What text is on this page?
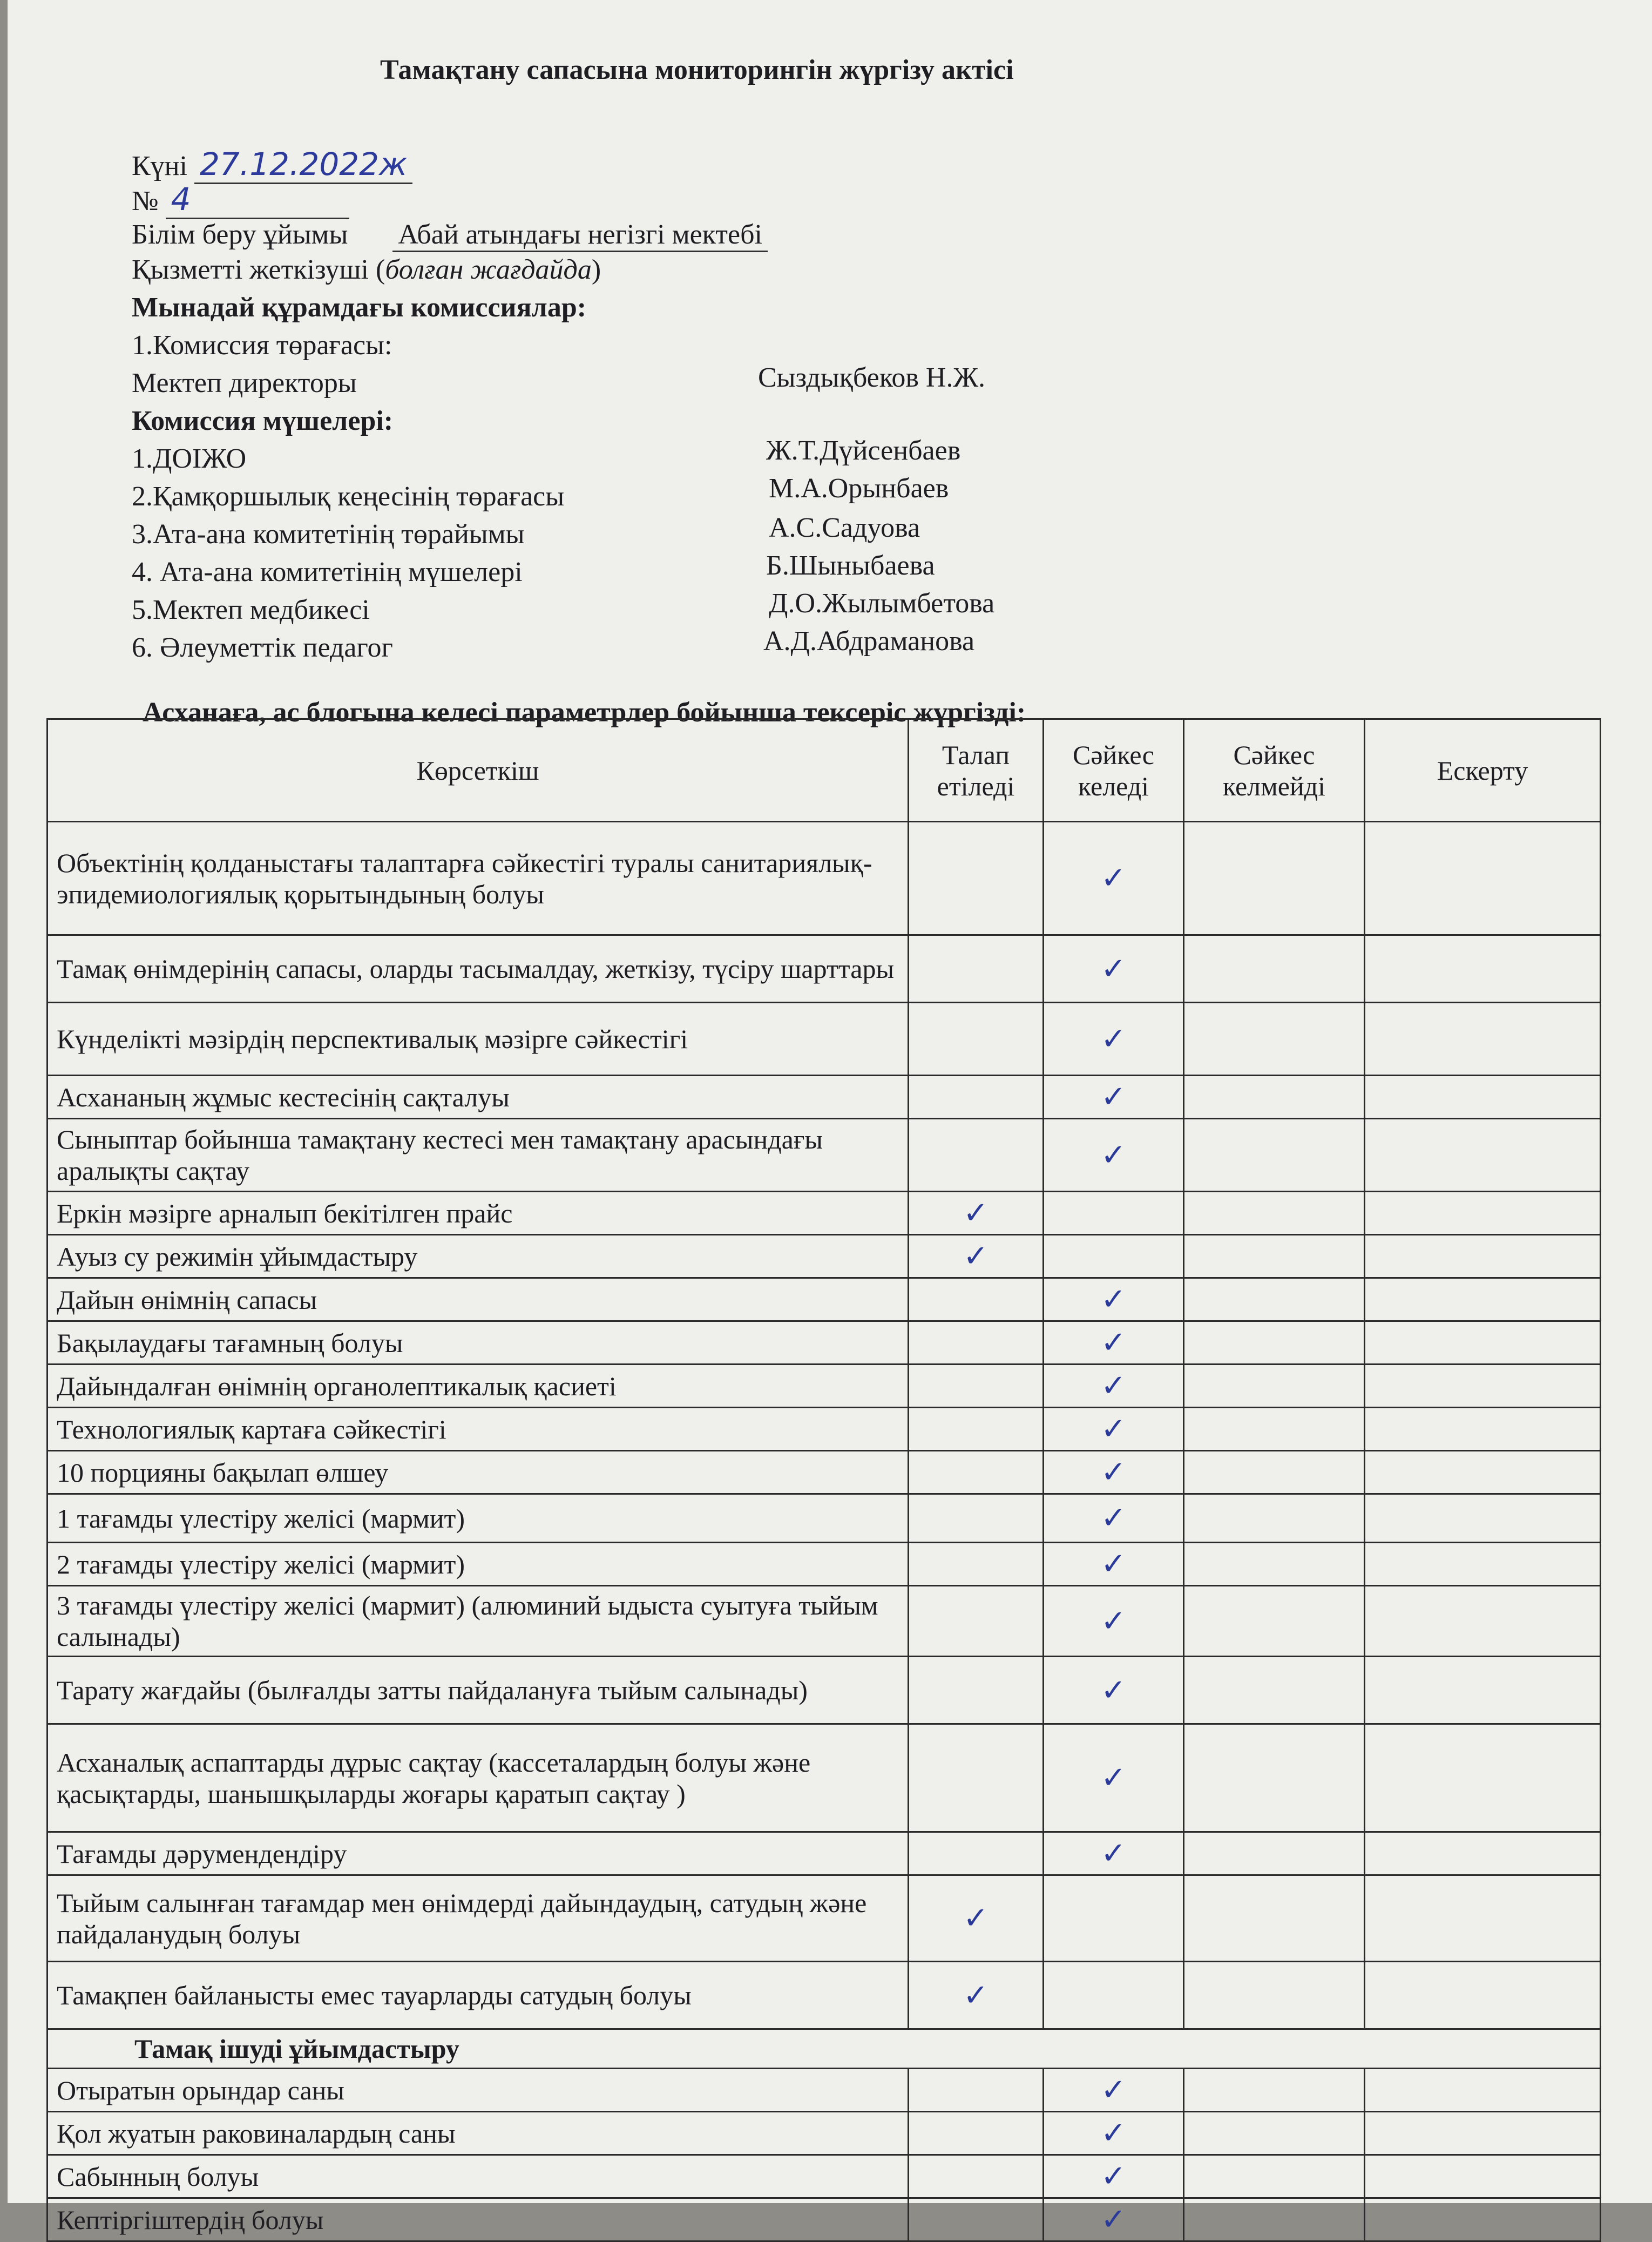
Тамақтану сапасына мониторингін жүргізу актісі
Күні 27.12.2022ж
№ 4
Білім беру ұйымы Абай атындағы негізгі мектебі
Қызметті жеткізуші (болған жағдайда)
Мынадай құрамдағы комиссиялар:
1.Комиссия төрағасы:
Мектеп директоры	Сыздықбеков Н.Ж.
Комиссия мүшелері:
1.ДОІЖО	Ж.Т.Дүйсенбаев
2.Қамқоршылық кеңесінің төрағасы	М.А.Орынбаев
3.Ата-ана комитетінің төрайымы	А.С.Садуова
4. Ата-ана комитетінің мүшелері	Б.Шыныбаева
5.Мектеп медбикесі	Д.О.Жылымбетова
6. Әлеуметтік педагог	А.Д.Абдраманова
Асханаға, ас блогына келесі параметрлер бойынша тексеріс жүргізді:
Көрсеткіш	Талап етіледі	Сәйкес келеді	Сәйкес келмейді	Ескерту
Объектінің қолданыстағы талаптарға сәйкестігі туралы санитариялық-эпидемиологиялық қорытындының болуы		✓		
Тамақ өнімдерінің сапасы, оларды тасымалдау, жеткізу, түсіру шарттары		✓		
Күнделікті мәзірдің перспективалық мәзірге сәйкестігі		✓		
Асхананың жұмыс кестесінің сақталуы		✓		
Сыныптар бойынша тамақтану кестесі мен тамақтану арасындағы аралықты сақтау		✓		
Еркін мәзірге арналып бекітілген прайс	✓			
Ауыз су режимін ұйымдастыру	✓			
Дайын өнімнің сапасы		✓		
Бақылаудағы тағамның болуы		✓		
Дайындалған өнімнің органолептикалық қасиеті		✓		
Технологиялық картаға сәйкестігі		✓		
10 порцияны бақылап өлшеу		✓		
1 тағамды үлестіру желісі (мармит)		✓		
2 тағамды үлестіру желісі (мармит)		✓		
3 тағамды үлестіру желісі (мармит) (алюминий ыдыста суытуға тыйым салынады)		✓		
Тарату жағдайы (былғалды затты пайдалануға тыйым салынады)		✓		
Асханалық аспаптарды дұрыс сақтау (кассеталардың болуы және қасықтарды, шанышқыларды жоғары қаратып сақтау )		✓		
Тағамды дәрумендендіру		✓		
Тыйым салынған тағамдар мен өнімдерді дайындаудың, сатудың және пайдаланудың болуы	✓			
Тамақпен байланысты емес тауарларды сатудың болуы	✓			
Тамақ ішуді ұйымдастыру				
Отыратын орындар саны		✓		
Қол жуатын раковиналардың саны		✓		
Сабынның болуы		✓		
Кептіргіштердің болуы		✓		
